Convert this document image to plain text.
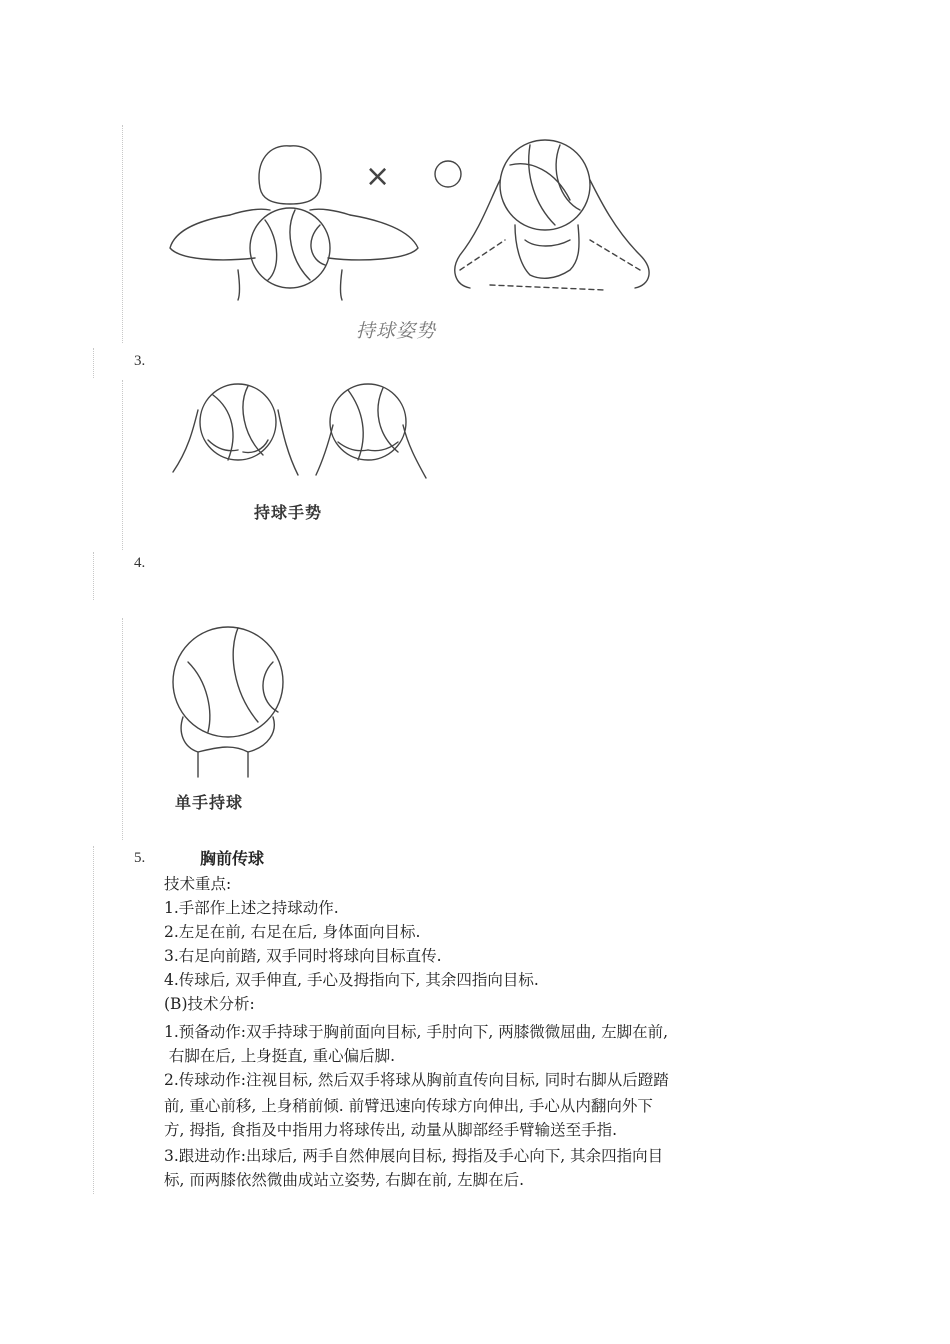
×
持球姿势
3.
持球手势
4.
单手持球
5.	胸前传球
技术重点:
1.手部作上述之持球动作.
2.左足在前, 右足在后, 身体面向目标.
3.右足向前踏, 双手同时将球向目标直传.
4.传球后, 双手伸直, 手心及拇指向下, 其余四指向目标.
(B)技术分析:
1.预备动作:双手持球于胸前面向目标, 手肘向下, 两膝微微屈曲, 左脚在前,
右脚在后, 上身挺直, 重心偏后脚.
2.传球动作:注视目标, 然后双手将球从胸前直传向目标, 同时右脚从后蹬踏
前, 重心前移, 上身稍前倾. 前臂迅速向传球方向伸出, 手心从内翻向外下
方, 拇指, 食指及中指用力将球传出, 动量从脚部经手臂输送至手指.
3.跟进动作:出球后, 两手自然伸展向目标, 拇指及手心向下, 其余四指向目
标, 而两膝依然微曲成站立姿势, 右脚在前, 左脚在后.
